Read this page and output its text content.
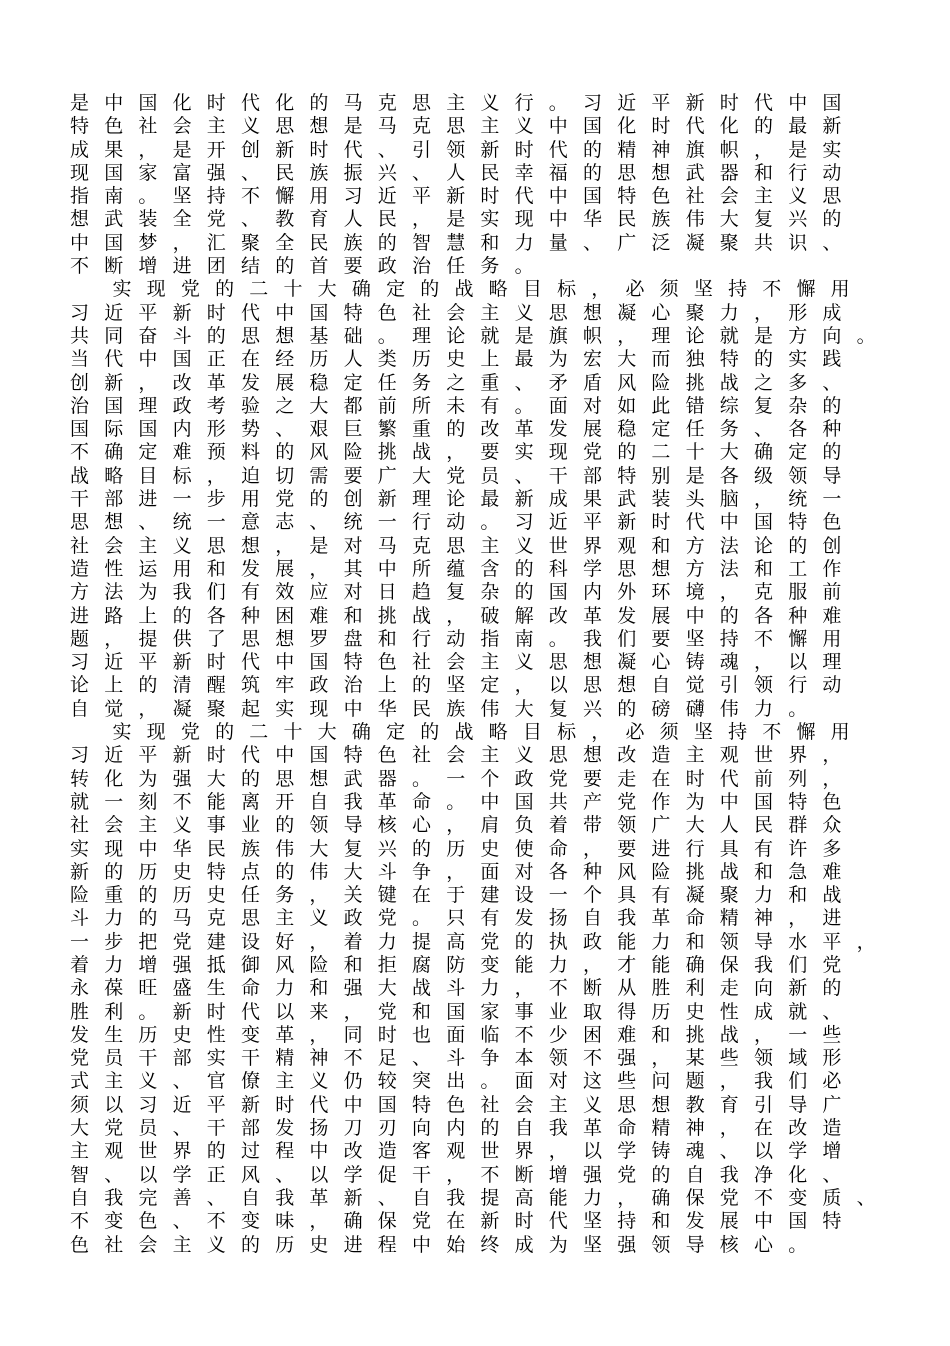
是中国化时代化的马克思主义行。习近平新时代中国
特色社会主义思想是马克思主义中国化时代化的最新
成果，是开创新时代、引领新时代的精神旗帜，是实
现国家富强、民族振兴、人民幸福的思想武器和行动
指南。坚持不懈用习近平新时代中国特色社会主义思
想武装全党、教育人民，是实现中华民族伟大复兴的
中国梦，汇聚全民族的智慧和力量、广泛凝聚共识、
不断增进团结的首要政治任务。
实现党的二十大确定的战略目标，必须坚持不懈用
习近平新时代中国特色社会主义思想凝心聚力，形成
共同奋斗的思想基础。理论就是旗帜，理论就是方向。
当代中国正在经历人类历史上最为宏大而独特的实践
创新，改革发展稳定任务之重、矛盾风险挑战之多、
治国理政考验之大都前所未有。面对如此错综复杂的
国际国内形势、艰巨繁重的改革发展稳定任务、各种
不确定难预料的风险挑战，要实现党的二十大确定的
战略目标，迫切需要广大党员、干部特别是各级领导
干部进一步用党的创新理论最新成果武装头脑，统一
思想、统一意志、统一行动。习近平新时代中国特色
社会主义思想，是对马克思主义世界观和方法论的创
造性运用和发展，其中所蕴含的科学思想方法和工作
方法为我们有效应对日趋复杂的国内外环境，克服前
进路上的各种困难和挑战，破解改革发展中的各种难
题，提供了思想罗盘和行动指南。我们要坚持不懈用
习近平新时代中国特色社会主义思想凝心铸魂，以理
论上的清醒筑牢政治上的坚定，以思想自觉引领行动
自觉，凝聚起实现中华民族伟大复兴的磅礴伟力。
实现党的二十大确定的战略目标，必须坚持不懈用
习近平新时代中国特色社会主义思想改造主观世界，
转化为强大的思想武器。一个政党要走在时代前列，
就一刻不能离开自我革命。中国共产党作为中国特色
社会主义事业的领导核心，肩负着带领广大人民群众
实现中华民族伟大复兴的历史使命，要进行具有许多
新的历史特点的伟大斗争，面对各种风险挑战和急难
险重的历史任务，关键在于建设一个具有凝聚力和战
斗力的马克思主义政党。只有发扬自我革命精神，进
一步把党建设好，着力提高党的执政能力和领导水平，
着力增强抵御风险和拒腐防变能力，才能确保我们党
永葆旺盛生命力和强大战斗力，不断从胜利走向新的
胜利。新时代以来，党和国家事业取得历史性成就、
发生历史性变革，同时也面临不少困难和挑战，一些
党员干部实干精神不足、斗争本领不强，某些领域形
式主义、官僚主义仍较突出。面对这些问题，我们必
须以习近平新时代中国特色社会主义思想教育引导广
大党员、干部发扬刀刃向内的自我革命精神，在改造
主观世界的过程中改造客观世界，以学铸魂、以学增
智、以学正风、以学促干，不断增强党的自我净化、
自我完善、自我革新、自我提高能力，确保党不变质、
不变色、不变味，确保党在新时代坚持和发展中国特
色社会主义的历史进程中始终成为坚强领导核心。
